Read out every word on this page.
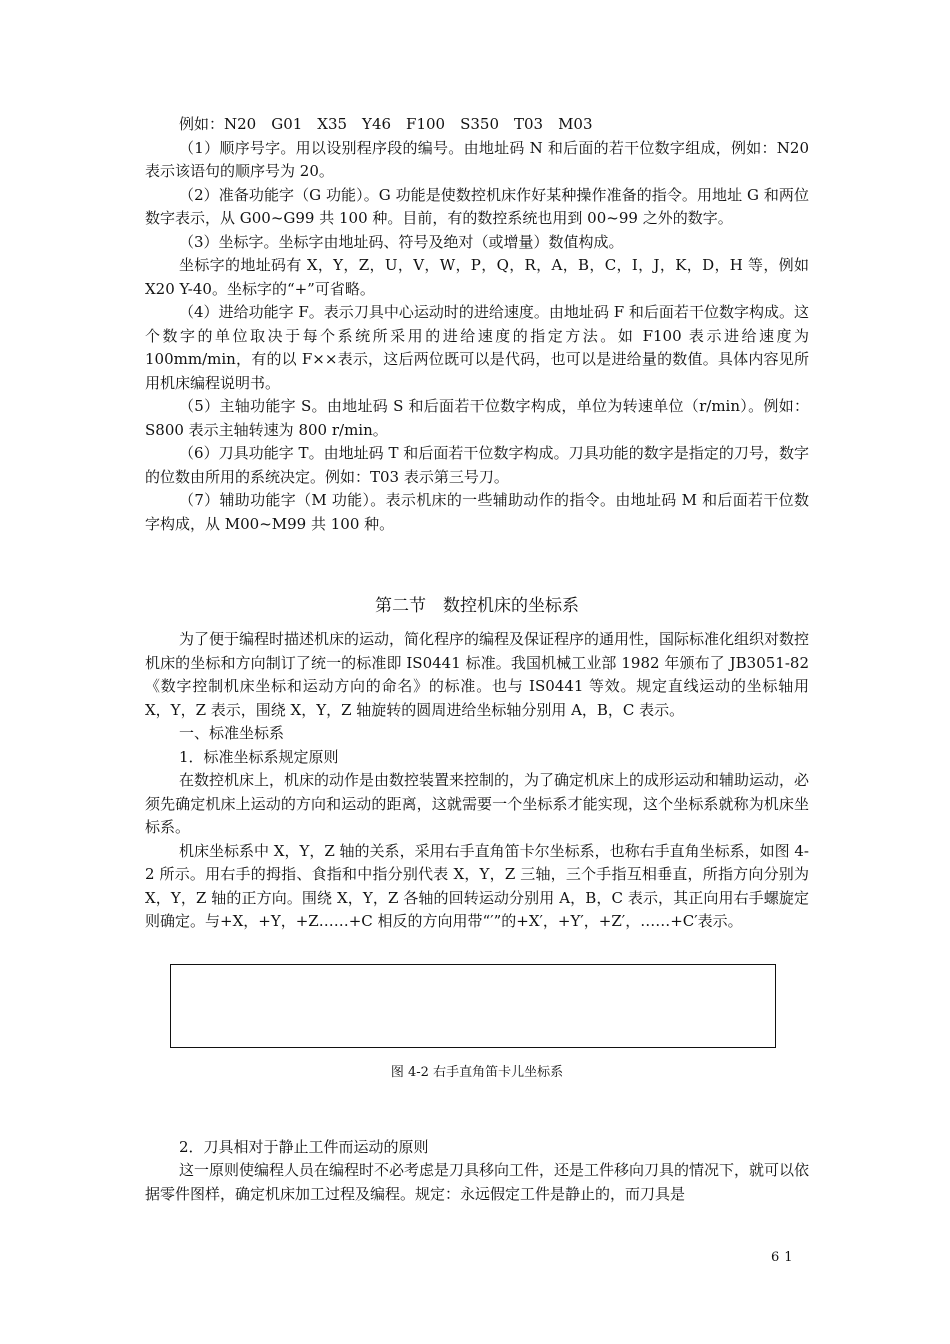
例如：N20　G01　X35　Y46　F100　S350　T03　M03

（1）顺序号字。用以设别程序段的编号。由地址码 N 和后面的若干位数字组成，例如：N20 表示该语句的顺序号为 20。

（2）准备功能字（G 功能）。G 功能是使数控机床作好某种操作准备的指令。用地址 G 和两位数字表示，从 G00~G99 共 100 种。目前，有的数控系统也用到 00~99 之外的数字。

（3）坐标字。坐标字由地址码、符号及绝对（或增量）数值构成。

坐标字的地址码有 X，Y，Z，U，V，W，P，Q，R，A，B，C，I，J，K，D，H 等，例如 X20 Y-40。坐标字的“+”可省略。

（4）进给功能字 F。表示刀具中心运动时的进给速度。由地址码 F 和后面若干位数字构成。这个数字的单位取决于每个系统所采用的进给速度的指定方法。如 F100 表示进给速度为 100mm/min，有的以 F××表示，这后两位既可以是代码，也可以是进给量的数值。具体内容见所用机床编程说明书。

（5）主轴功能字 S。由地址码 S 和后面若干位数字构成，单位为转速单位（r/min）。例如：S800 表示主轴转速为 800 r/min。

（6）刀具功能字 T。由地址码 T 和后面若干位数字构成。刀具功能的数字是指定的刀号，数字的位数由所用的系统决定。例如：T03 表示第三号刀。

（7）辅助功能字（M 功能）。表示机床的一些辅助动作的指令。由地址码 M 和后面若干位数字构成，从 M00~M99 共 100 种。

第二节　数控机床的坐标系

为了便于编程时描述机床的运动，简化程序的编程及保证程序的通用性，国际标准化组织对数控机床的坐标和方向制订了统一的标准即 IS0441 标准。我国机械工业部 1982 年颁布了 JB3051-82《数字控制机床坐标和运动方向的命名》的标准。也与 IS0441 等效。规定直线运动的坐标轴用 X，Y，Z 表示，围绕 X，Y，Z 轴旋转的圆周进给坐标轴分别用 A，B，C 表示。

一、标准坐标系

1．标准坐标系规定原则

在数控机床上，机床的动作是由数控装置来控制的，为了确定机床上的成形运动和辅助运动，必须先确定机床上运动的方向和运动的距离，这就需要一个坐标系才能实现，这个坐标系就称为机床坐标系。

机床坐标系中 X，Y，Z 轴的关系，采用右手直角笛卡尔坐标系，也称右手直角坐标系，如图 4-2 所示。用右手的拇指、食指和中指分别代表 X，Y，Z 三轴，三个手指互相垂直，所指方向分别为 X，Y，Z 轴的正方向。围绕 X，Y，Z 各轴的回转运动分别用 A，B，C 表示，其正向用右手螺旋定则确定。与+X，+Y，+Z……+C 相反的方向用带“′”的+X′，+Y′，+Z′，……+C′表示。

图 4-2 右手直角笛卡儿坐标系

2．刀具相对于静止工件而运动的原则

这一原则使编程人员在编程时不必考虑是刀具移向工件，还是工件移向刀具的情况下，就可以依据零件图样，确定机床加工过程及编程。规定：永远假定工件是静止的，而刀具是

61
